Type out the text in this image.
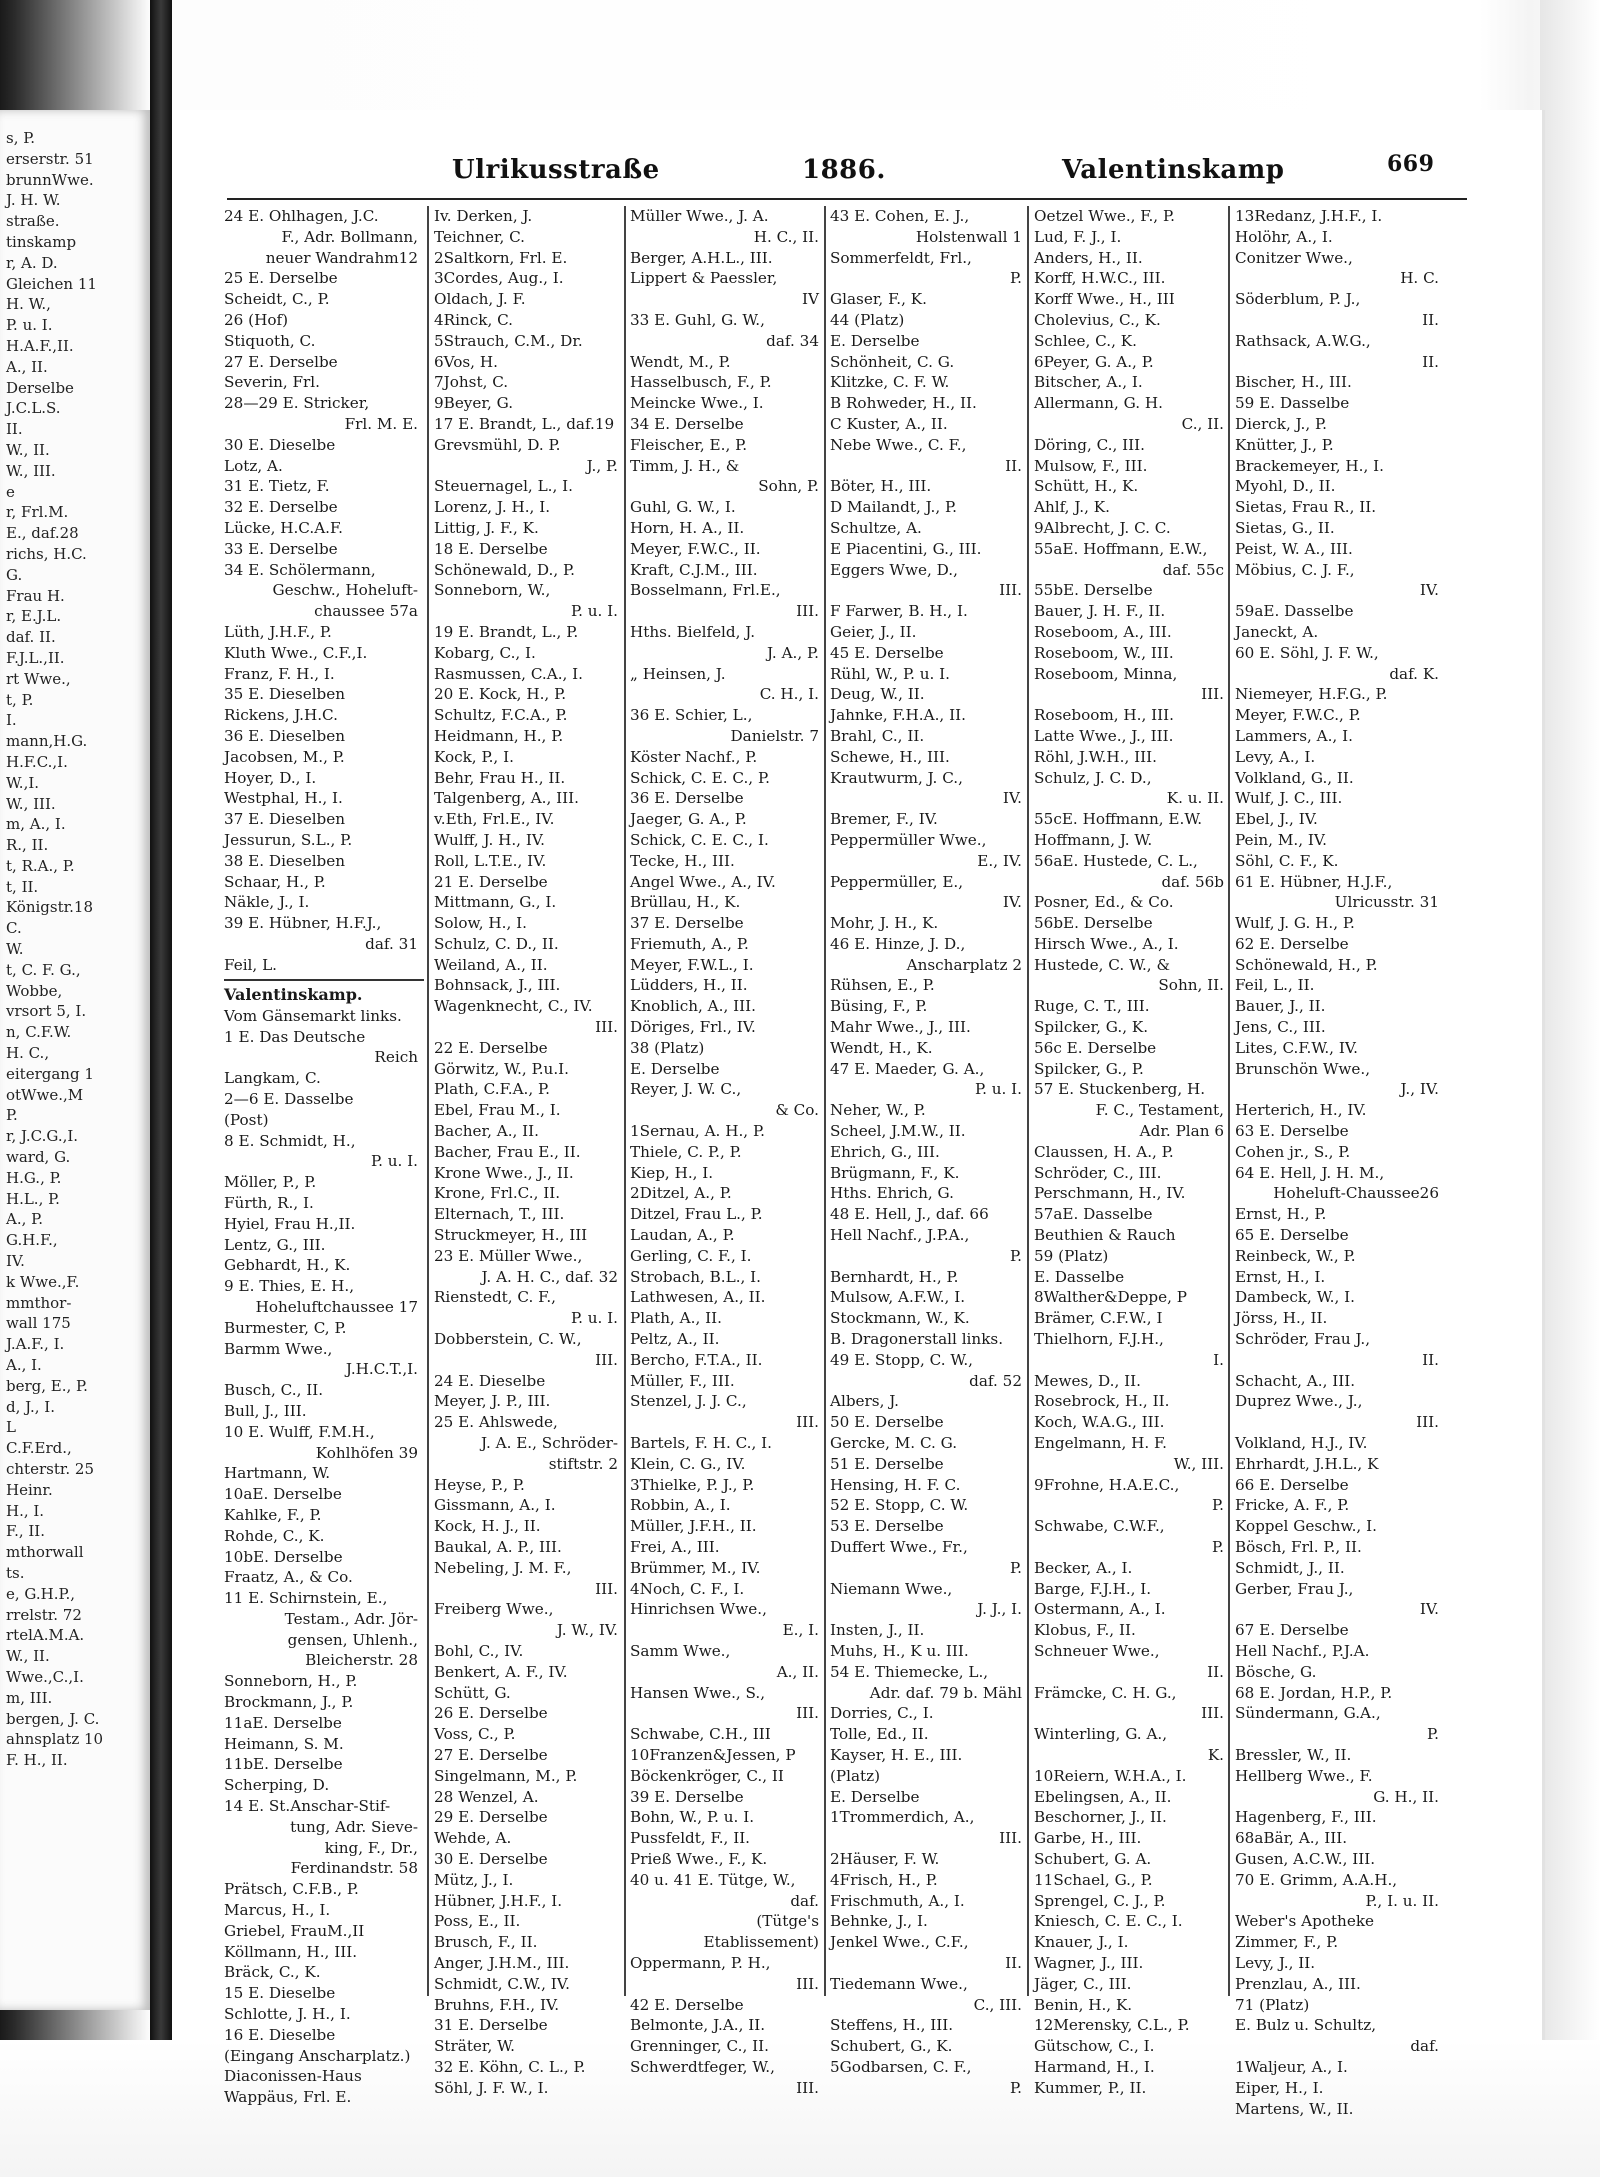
s, P.
erserstr. 51
brunnWwe.
J. H. W.
straße.
tinskamp
r, A. D.
Gleichen 11
H. W.,
P. u. I.
H.A.F.,II.
A., II.
Derselbe
J.C.L.S.
II.
W., II.
W., III.
e
r, Frl.M.
E., daf.28
richs, H.C.
G.
Frau H.
r, E.J.L.
daf. II.
F.J.L.,II.
rt Wwe.,
t, P.
I.
mann,H.G.
H.F.C.,I.
W.,I.
W., III.
m, A., I.
R., II.
t, R.A., P.
t, II.
Königstr.18
C.
W.
t, C. F. G.,
Wobbe,
vrsort 5, I.
n, C.F.W.
H. C.,
eitergang 1
otWwe.,M
P.
r, J.C.G.,I.
ward, G.
H.G., P.
H.L., P.
A., P.
G.H.F.,
IV.
k Wwe.,F.
mmthor-
wall 175
J.A.F., I.
A., I.
berg, E., P.
d, J., I.
L
C.F.Erd.,
chterstr. 25
Heinr.
H., I.
F., II.
mthorwall
ts.
e, G.H.P.,
rrelstr. 72
rtelA.M.A.
W., II.
Wwe.,C.,I.
m, III.
bergen, J. C.
ahnsplatz 10
F. H., II.
Ulrikusstraße	1886.	Valentinskamp	669
24 E. Ohlhagen, J.C.
F., Adr. Bollmann,
neuer Wandrahm12
25 E. Derselbe
Scheidt, C., P.
26 (Hof)
Stiquoth, C.
27 E. Derselbe
Severin, Frl.
28—29 E. Stricker,
Frl. M. E.
30 E. Dieselbe
Lotz, A.
31 E. Tietz, F.
32 E. Derselbe
Lücke, H.C.A.F.
33 E. Derselbe
34 E. Schölermann,
Geschw., Hoheluft-
chaussee 57a
Lüth, J.H.F., P.
Kluth Wwe., C.F.,I.
Franz, F. H., I.
35 E. Dieselben
Rickens, J.H.C.
36 E. Dieselben
Jacobsen, M., P.
Hoyer, D., I.
Westphal, H., I.
37 E. Dieselben
Jessurun, S.L., P.
38 E. Dieselben
Schaar, H., P.
Näkle, J., I.
39 E. Hübner, H.F.J.,
daf. 31
Feil, L.
Valentinskamp.
Vom Gänsemarkt links.
1 E. Das Deutsche
Reich
Langkam, C.
2—6 E. Dasselbe
(Post)
8 E. Schmidt, H.,
P. u. I.
Möller, P., P.
Fürth, R., I.
Hyiel, Frau H.,II.
Lentz, G., III.
Gebhardt, H., K.
9 E. Thies, E. H.,
Hoheluftchaussee 17
Burmester, C, P.
Barmm Wwe.,
J.H.C.T.,I.
Busch, C., II.
Bull, J., III.
10 E. Wulff, F.M.H.,
Kohlhöfen 39
Hartmann, W.
10aE. Derselbe
Kahlke, F., P.
Rohde, C., K.
10bE. Derselbe
Fraatz, A., & Co.
11 E. Schirnstein, E.,
Testam., Adr. Jör-
gensen, Uhlenh.,
Bleicherstr. 28
Sonneborn, H., P.
Brockmann, J., P.
11aE. Derselbe
Heimann, S. M.
11bE. Derselbe
Scherping, D.
14 E. St.Anschar-Stif-
tung, Adr. Sieve-
king, F., Dr.,
Ferdinandstr. 58
Prätsch, C.F.B., P.
Marcus, H., I.
Griebel, FrauM.,II
Köllmann, H., III.
Bräck, C., K.
15 E. Dieselbe
Schlotte, J. H., I.
16 E. Dieselbe
(Eingang Anscharplatz.)
Diaconissen-Haus
Wappäus, Frl. E.
Iv. Derken, J.
Teichner, C.
2Saltkorn, Frl. E.
3Cordes, Aug., I.
Oldach, J. F.
4Rinck, C.
5Strauch, C.M., Dr.
6Vos, H.
7Johst, C.
9Beyer, G.
17 E. Brandt, L., daf.19
Grevsmühl, D. P.
J., P.
Steuernagel, L., I.
Lorenz, J. H., I.
Littig, J. F., K.
18 E. Derselbe
Schönewald, D., P.
Sonneborn, W.,
P. u. I.
19 E. Brandt, L., P.
Kobarg, C., I.
Rasmussen, C.A., I.
20 E. Kock, H., P.
Schultz, F.C.A., P.
Heidmann, H., P.
Kock, P., I.
Behr, Frau H., II.
Talgenberg, A., III.
v.Eth, Frl.E., IV.
Wulff, J. H., IV.
Roll, L.T.E., IV.
21 E. Derselbe
Mittmann, G., I.
Solow, H., I.
Schulz, C. D., II.
Weiland, A., II.
Bohnsack, J., III.
Wagenknecht, C., IV.
III.
22 E. Derselbe
Görwitz, W., P.u.I.
Plath, C.F.A., P.
Ebel, Frau M., I.
Bacher, A., II.
Bacher, Frau E., II.
Krone Wwe., J., II.
Krone, Frl.C., II.
Elternach, T., III.
Struckmeyer, H., III
23 E. Müller Wwe.,
J. A. H. C., daf. 32
Rienstedt, C. F.,
P. u. I.
Dobberstein, C. W.,
III.
24 E. Dieselbe
Meyer, J. P., III.
25 E. Ahlswede,
J. A. E., Schröder-
stiftstr. 2
Heyse, P., P.
Gissmann, A., I.
Kock, H. J., II.
Baukal, A. P., III.
Nebeling, J. M. F.,
III.
Freiberg Wwe.,
J. W., IV.
Bohl, C., IV.
Benkert, A. F., IV.
Schütt, G.
26 E. Derselbe
Voss, C., P.
27 E. Derselbe
Singelmann, M., P.
28 Wenzel, A.
29 E. Derselbe
Wehde, A.
30 E. Derselbe
Mütz, J., I.
Hübner, J.H.F., I.
Poss, E., II.
Brusch, F., II.
Anger, J.H.M., III.
Schmidt, C.W., IV.
Bruhns, F.H., IV.
31 E. Derselbe
Sträter, W.
32 E. Köhn, C. L., P.
Söhl, J. F. W., I.
Müller Wwe., J. A.
H. C., II.
Berger, A.H.L., III.
Lippert & Paessler,
IV
33 E. Guhl, G. W.,
daf. 34
Wendt, M., P.
Hasselbusch, F., P.
Meincke Wwe., I.
34 E. Derselbe
Fleischer, E., P.
Timm, J. H., &
Sohn, P.
Guhl, G. W., I.
Horn, H. A., II.
Meyer, F.W.C., II.
Kraft, C.J.M., III.
Bosselmann, Frl.E.,
III.
Hths. Bielfeld, J.
J. A., P.
„ Heinsen, J.
C. H., I.
36 E. Schier, L.,
Danielstr. 7
Köster Nachf., P.
Schick, C. E. C., P.
36 E. Derselbe
Jaeger, G. A., P.
Schick, C. E. C., I.
Tecke, H., III.
Angel Wwe., A., IV.
Brüllau, H., K.
37 E. Derselbe
Friemuth, A., P.
Meyer, F.W.L., I.
Lüdders, H., II.
Knoblich, A., III.
Döriges, Frl., IV.
38 (Platz)
E. Derselbe
Reyer, J. W. C.,
& Co.
1Sernau, A. H., P.
Thiele, C. P., P.
Kiep, H., I.
2Ditzel, A., P.
Ditzel, Frau L., P.
Laudan, A., P.
Gerling, C. F., I.
Strobach, B.L., I.
Lathwesen, A., II.
Plath, A., II.
Peltz, A., II.
Bercho, F.T.A., II.
Müller, F., III.
Stenzel, J. J. C.,
III.
Bartels, F. H. C., I.
Klein, C. G., IV.
3Thielke, P. J., P.
Robbin, A., I.
Müller, J.F.H., II.
Frei, A., III.
Brümmer, M., IV.
4Noch, C. F., I.
Hinrichsen Wwe.,
E., I.
Samm Wwe.,
A., II.
Hansen Wwe., S.,
III.
Schwabe, C.H., III
10Franzen&Jessen, P
Böckenkröger, C., II
39 E. Derselbe
Bohn, W., P. u. I.
Pussfeldt, F., II.
Prieß Wwe., F., K.
40 u. 41 E. Tütge, W.,
daf.
(Tütge's
Etablissement)
Oppermann, P. H.,
III.
42 E. Derselbe
Belmonte, J.A., II.
Grenninger, C., II.
Schwerdtfeger, W.,
III.
43 E. Cohen, E. J.,
Holstenwall 1
Sommerfeldt, Frl.,
P.
Glaser, F., K.
44 (Platz)
E. Derselbe
Schönheit, C. G.
Klitzke, C. F. W.
B Rohweder, H., II.
C Kuster, A., II.
Nebe Wwe., C. F.,
II.
Böter, H., III.
D Mailandt, J., P.
Schultze, A.
E Piacentini, G., III.
Eggers Wwe, D.,
III.
F Farwer, B. H., I.
Geier, J., II.
45 E. Derselbe
Rühl, W., P. u. I.
Deug, W., II.
Jahnke, F.H.A., II.
Brahl, C., II.
Schewe, H., III.
Krautwurm, J. C.,
IV.
Bremer, F., IV.
Peppermüller Wwe.,
E., IV.
Peppermüller, E.,
IV.
Mohr, J. H., K.
46 E. Hinze, J. D.,
Anscharplatz 2
Rühsen, E., P.
Büsing, F., P.
Mahr Wwe., J., III.
Wendt, H., K.
47 E. Maeder, G. A.,
P. u. I.
Neher, W., P.
Scheel, J.M.W., II.
Ehrich, G., III.
Brügmann, F., K.
Hths. Ehrich, G.
48 E. Hell, J., daf. 66
Hell Nachf., J.P.A.,
P.
Bernhardt, H., P.
Mulsow, A.F.W., I.
Stockmann, W., K.
B. Dragonerstall links.
49 E. Stopp, C. W.,
daf. 52
Albers, J.
50 E. Derselbe
Gercke, M. C. G.
51 E. Derselbe
Hensing, H. F. C.
52 E. Stopp, C. W.
53 E. Derselbe
Duffert Wwe., Fr.,
P.
Niemann Wwe.,
J. J., I.
Insten, J., II.
Muhs, H., K u. III.
54 E. Thiemecke, L.,
Adr. daf. 79 b. Mähl
Dorries, C., I.
Tolle, Ed., II.
Kayser, H. E., III.
(Platz)
E. Derselbe
1Trommerdich, A.,
III.
2Häuser, F. W.
4Frisch, H., P.
Frischmuth, A., I.
Behnke, J., I.
Jenkel Wwe., C.F.,
II.
Tiedemann Wwe.,
C., III.
Steffens, H., III.
Schubert, G., K.
5Godbarsen, C. F.,
P.
Oetzel Wwe., F., P.
Lud, F. J., I.
Anders, H., II.
Korff, H.W.C., III.
Korff Wwe., H., III
Cholevius, C., K.
Schlee, C., K.
6Peyer, G. A., P.
Bitscher, A., I.
Allermann, G. H.
C., II.
Döring, C., III.
Mulsow, F., III.
Schütt, H., K.
Ahlf, J., K.
9Albrecht, J. C. C.
55aE. Hoffmann, E.W.,
daf. 55c
55bE. Derselbe
Bauer, J. H. F., II.
Roseboom, A., III.
Roseboom, W., III.
Roseboom, Minna,
III.
Roseboom, H., III.
Latte Wwe., J., III.
Röhl, J.W.H., III.
Schulz, J. C. D.,
K. u. II.
55cE. Hoffmann, E.W.
Hoffmann, J. W.
56aE. Hustede, C. L.,
daf. 56b
Posner, Ed., & Co.
56bE. Derselbe
Hirsch Wwe., A., I.
Hustede, C. W., &
Sohn, II.
Ruge, C. T., III.
Spilcker, G., K.
56c E. Derselbe
Spilcker, G., P.
57 E. Stuckenberg, H.
F. C., Testament,
Adr. Plan 6
Claussen, H. A., P.
Schröder, C., III.
Perschmann, H., IV.
57aE. Dasselbe
Beuthien & Rauch
59 (Platz)
E. Dasselbe
8Walther&Deppe, P
Brämer, C.F.W., I
Thielhorn, F.J.H.,
I.
Mewes, D., II.
Rosebrock, H., II.
Koch, W.A.G., III.
Engelmann, H. F.
W., III.
9Frohne, H.A.E.C.,
P.
Schwabe, C.W.F.,
P.
Becker, A., I.
Barge, F.J.H., I.
Ostermann, A., I.
Klobus, F., II.
Schneuer Wwe.,
II.
Främcke, C. H. G.,
III.
Winterling, G. A.,
K.
10Reiern, W.H.A., I.
Ebelingsen, A., II.
Beschorner, J., II.
Garbe, H., III.
Schubert, G. A.
11Schael, G., P.
Sprengel, C. J., P.
Kniesch, C. E. C., I.
Knauer, J., I.
Wagner, J., III.
Jäger, C., III.
Benin, H., K.
12Merensky, C.L., P.
Gütschow, C., I.
Harmand, H., I.
Kummer, P., II.
13Redanz, J.H.F., I.
Holöhr, A., I.
Conitzer Wwe.,
H. C.
Söderblum, P. J.,
II.
Rathsack, A.W.G.,
II.
Bischer, H., III.
59 E. Dasselbe
Dierck, J., P.
Knütter, J., P.
Brackemeyer, H., I.
Myohl, D., II.
Sietas, Frau R., II.
Sietas, G., II.
Peist, W. A., III.
Möbius, C. J. F.,
IV.
59aE. Dasselbe
Janeckt, A.
60 E. Söhl, J. F. W.,
daf. K.
Niemeyer, H.F.G., P.
Meyer, F.W.C., P.
Lammers, A., I.
Levy, A., I.
Volkland, G., II.
Wulf, J. C., III.
Ebel, J., IV.
Pein, M., IV.
Söhl, C. F., K.
61 E. Hübner, H.J.F.,
Ulricusstr. 31
Wulf, J. G. H., P.
62 E. Derselbe
Schönewald, H., P.
Feil, L., II.
Bauer, J., II.
Jens, C., III.
Lites, C.F.W., IV.
Brunschön Wwe.,
J., IV.
Herterich, H., IV.
63 E. Derselbe
Cohen jr., S., P.
64 E. Hell, J. H. M.,
Hoheluft-Chaussee26
Ernst, H., P.
65 E. Derselbe
Reinbeck, W., P.
Ernst, H., I.
Dambeck, W., I.
Jörss, H., II.
Schröder, Frau J.,
II.
Schacht, A., III.
Duprez Wwe., J.,
III.
Volkland, H.J., IV.
Ehrhardt, J.H.L., K
66 E. Derselbe
Fricke, A. F., P.
Koppel Geschw., I.
Bösch, Frl. P., II.
Schmidt, J., II.
Gerber, Frau J.,
IV.
67 E. Derselbe
Hell Nachf., P.J.A.
Bösche, G.
68 E. Jordan, H.P., P.
Sündermann, G.A.,
P.
Bressler, W., II.
Hellberg Wwe., F.
G. H., II.
Hagenberg, F., III.
68aBär, A., III.
Gusen, A.C.W., III.
70 E. Grimm, A.A.H.,
P., I. u. II.
Weber's Apotheke
Zimmer, F., P.
Levy, J., II.
Prenzlau, A., III.
71 (Platz)
E. Bulz u. Schultz,
daf.
1Waljeur, A., I.
Eiper, H., I.
Martens, W., II.
